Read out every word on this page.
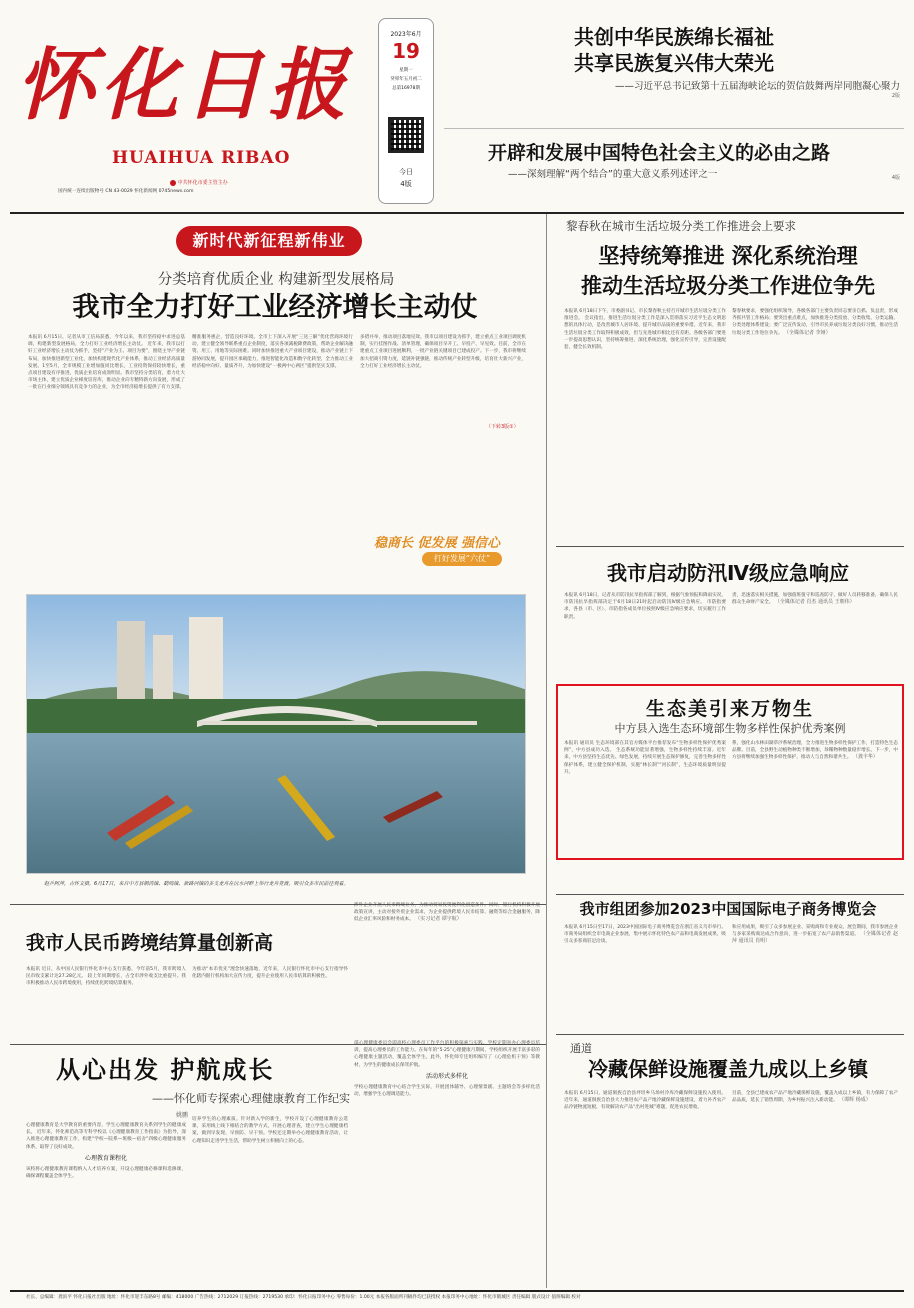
怀化日报
HUAIHUA RIBAO
中共怀化市委主管主办
国内统一连续出版物号 CN 43-0029 怀化新闻网 0745news.com
2023年6月
19
星期一
癸卯年五月初二
总第16978期
今日
4版
共创中华民族绵长福祉
共享民族复兴伟大荣光
——习近平总书记致第十五届海峡论坛的贺信鼓舞两岸同胞凝心聚力
2版
开辟和发展中国特色社会主义的必由之路
——深刻理解“两个结合”的重大意义系列述评之一	4版
新时代新征程新伟业
分类培育优质企业 构建新型发展格局
我市全力打好工业经济增长主动仗
本报讯 6月15日，记者从市工信局获悉，今年以来，我市坚持稳中求进总基调，构建新型发展格局，全力打好工业经济增长主动仗。 近年来，我市以打好工业经济增长主动仗为抓手，坚持“产业为王、项目为要”，围绕主导产业链布局，加快推进新型工业化，加快构建现代化产业体系，推动工业经济高质量发展。1至5月，全市规模工业增加值同比增长，工业投资保持较快增长，重点项目建设有序推进，优质企业培育成效明显。我市坚持分类培育，着力壮大市场主体，建立优质企业梯度培育库，推动企业向专精特新方向发展，形成了一批在行业细分领域具有竞争力的企业，为全市经济稳增长提供了有力支撑。
精准服务惠企，营造良好环境。全市上下深入开展“三送三解”优化营商环境行动，建立健全领导联系重点企业制度，落实各项减税降费政策，帮助企业解决融资、用工、用地等实际困难。同时加快推进重大产业项目建设，推动产业链上下游协同发展，提升园区承载能力，推进智能化改造和数字化转型，全力推动工业经济稳中向好、量质齐升，为加快建设“一极两中心两区”提供坚实支撑。
多措并举，推动项目落地见效。我市以项目建设为抓手，建立重点工业项目调度机制，实行挂图作战、清单管理，确保项目早开工、早投产、早见效。目前，全市在建重点工业项目进展顺利，一批产业链关键项目已建成投产。下一步，我市将继续加大招商引资力度，延链补链强链，推动传统产业转型升级，培育壮大新兴产业，全力打好工业经济增长主动仗。
（下转3版①）
稳商长 促发展 强信心
打好发展“六仗”
赵乒阿萍，古怀文摄。6月17日，来自中方县铜湾镇、鹤鸣镇、新路河镇的多支龙舟在沅水河畔上举行龙舟竞渡，吸引众多市民前往观看。
我市人民币跨境结算量创新高
本报讯 近日，从中国人民银行怀化市中心支行获悉，今年前5月，我市跨境人民币收支累计达27.28亿元。 较上年同期增长，占全市涉外收支比重提升。我市积极推动人民币跨境使用，持续优化跨境结算服务。
为推动“本币优先”理念快速落地，近年来，人民银行怀化市中心支行指导怀化辖内银行机构加大宣传力度，提升企业使用人民币结算的积极性。
涉外企业开展人民币跨境业务，为推动贸易投资便利化创造条件。同时，银行机构积极开展政策宣讲，主动对接外贸企业需求，为企业提供跨境人民币结算、融资等综合金融服务，降低企业汇率风险和财务成本。 （实习记者 谭宇航）
从心出发 护航成长
——怀化师专探索心理健康教育工作纪实
姚鹏
心理健康教育是大学教育的重要内容，学生心理健康教育关系到学生的健康成长。 近年来，怀化师范高等专科学校以《心理健康教育工作指南》为指导，深入推进心理健康教育工作，构建“学校—院系—班级—宿舍”四级心理健康服务体系，取得了良好成效。
心理教育课程化
该校将心理健康教育课程纳入人才培养方案，开设心理健康必修课和选修课，确保课程覆盖全体学生。
培养学生的心理素质。针对新入学的新生，学校开设了心理健康教育公选课，采用线上线下相结合的教学方式，开展心理普查，建立学生心理健康档案，做到早发现、早预防、早干预。学校还定期举办心理健康教育活动，让心理知识走进学生生活，帮助学生树立积极向上的心态。
部心理健康委员会即高校心理委员工作平台的积极探索与实践。学校定期举办心理委员培训，提高心理委员的工作能力。在每年的“5·25”心理健康月期间，学校组织开展丰富多彩的心理健康主题活动，覆盖全体学生。此外，怀化师专还组织编写了《心理危机干预》等教材，为学生的健康成长保驾护航。
活动形式多样化
学校心理健康教育中心结合学生实际，开展团体辅导、心理情景剧、主题班会等多样化活动，增强学生心理调适能力。
黎春秋在城市生活垃圾分类工作推进会上要求
坚持统筹推进 深化系统治理
推动生活垃圾分类工作进位争先
本报讯 6月18日下午，市委副书记、市长黎春秋主持召开城市生活垃圾分类工作推进会。 会议指出，推进生活垃圾分类工作是深入贯彻落实习近平生态文明思想的具体行动，是改善城市人居环境、提升城市品质的重要举措。近年来，我市生活垃圾分类工作取得积极成效，但与先进城市相比还有差距。各级各部门要进一步提高思想认识，坚持统筹推进，深化系统治理，强化宣传引导，完善设施配套，健全长效机制。
黎春秋要求，要强化组织领导，各级各部门主要负责同志要亲自抓、负总责，形成齐抓共管工作格局；要突出重点难点，加快推进分类投放、分类收集、分类运输、分类处理体系建设；要广泛宣传发动，引导市民养成垃圾分类良好习惯，推动生活垃圾分类工作进位争先。 （全媒体记者 李娅）
我市启动防汛Ⅳ级应急响应
本报讯 6月18日，记者从市防汛抗旱指挥部了解到，根据气象预报和降雨实况，市防汛抗旱指挥部决定于6月18日21时起启动防汛Ⅳ级应急响应。 市防指要求，各县（市、区）、市防指各成员单位按照Ⅳ级应急响应要求，切实履行工作职责。
责，迅速落实相关措施，加强值班值守和巡查防守，做好人员转移准备，确保人民群众生命财产安全。 （全媒体记者 肖杰 通讯员 王朝伟）
生态美引来万物生
中方县入选生态环境部生物多样性保护优秀案例
本报讯 通讯员 生态环境部在其官方媒体平台推荐发布“生物多样性保护优秀案例”，中方县成功入选。 生态系统功能显著增强，生物多样性持续丰富。近年来，中方县坚持生态优先、绿色发展，持续开展生态保护修复，完善生物多样性保护体系，建立健全保护机制，实施“林长制”“河长制”，生态环境质量明显提升。
系，强化山水林田湖草沙系统治理，全力推进生物多样性保护工作，打造特色生态品牌。目前，全县野生动植物种类不断增加，珍稀物种数量稳步增长。下一步，中方县将继续加强生物多样性保护，推动人与自然和谐共生。 （龚丰华）
我市组团参加2023中国国际电子商务博览会
本报讯 6月15日至17日，2023中国国际电子商务博览会在浙江省义乌市举行。 市商务局组织全市电商企业参展，集中展示怀化特色农产品和电商发展成果，吸引众多客商驻足洽谈。
和应用成果，吸引了众多参展企业、采购商和专业观众。展会期间，我市参展企业与多家采购商达成合作意向，进一步拓宽了农产品销售渠道。 （全媒体记者 赵萍 通讯员 肖明）
通道
冷藏保鲜设施覆盖九成以上乡镇
本报讯 6月15日，通道侗族自治县坪坦乡马场村冷库冷藏保鲜设施投入使用。 近年来，通道侗族自治县大力推进农产品产地冷藏保鲜设施建设，着力补齐农产品冷链物流短板，有效解决农产品“出村进城”难题，促进农民增收。
目前，全县已建成农产品产地冷藏保鲜设施，覆盖九成以上乡镇，有力保障了农产品品质，延长了销售周期，为乡村振兴注入新动能。 （谭辉 杨成）
社长、总编辑：龚滨平 怀化日报社出版 地址：怀化市迎丰东路8号 邮编：418000 广告热线：2712029 订报热线：2719530 承印：怀化日报印务中心 零售每份：1.00元 本报各版面所刊稿件均已获授权 本报印务中心地址：怀化市鹤城区 责任编辑 版式设计 值班编辑 校对
